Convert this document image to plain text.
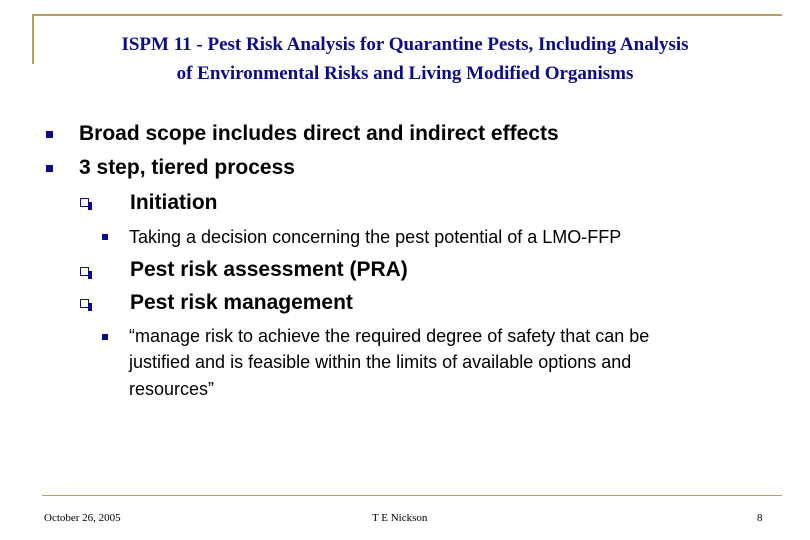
ISPM 11 - Pest Risk Analysis for Quarantine Pests, Including Analysis
of Environmental Risks and Living Modified Organisms
Broad scope includes direct and indirect effects
3 step, tiered process
Initiation
Taking a decision concerning the pest potential of a LMO-FFP
Pest risk assessment (PRA)
Pest risk management
“manage risk to achieve the required degree of safety that can be
justified and is feasible within the limits of available options and
resources”
October 26, 2005	T E Nickson	8
